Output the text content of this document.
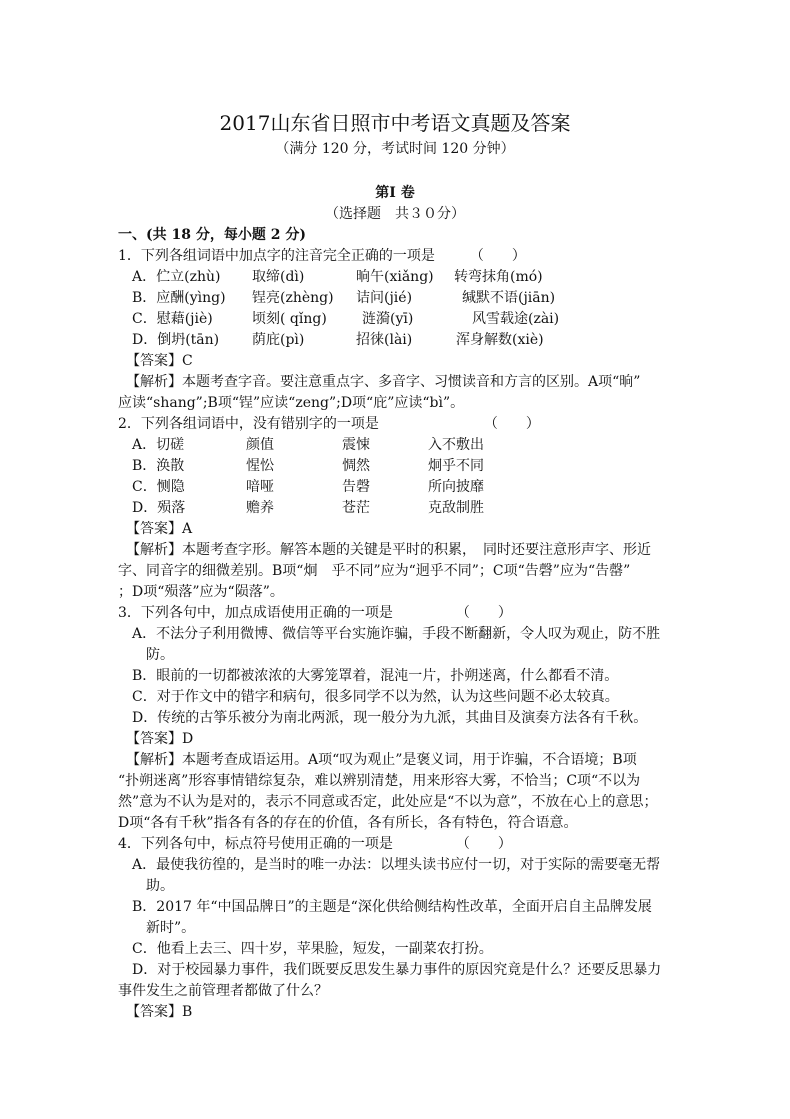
2017山东省日照市中考语文真题及答案
（满分 120 分，考试时间 120 分钟）
第Ⅰ 卷
（选择题　共３０分）
一、(共 18 分，每小题 2 分)
1．下列各组词语中加点字的注音完全正确的一项是　　　（　　）
A．伫立(zhù) 取缔(dì)	晌午(xiǎng) 转弯抹角(mó)
B．应酬(yìng) 锃亮(zhèng) 诘问(jié)	缄默不语(jiān)
C．慰藉(jiè)	顷刻( qǐng)	涟漪(yī)	风雪载途(zài)
D．倒坍(tān) 荫庇(pì)	招徕(lài)	浑身解数(xiè)
【答案】C
【解析】本题考查字音。要注意重点字、多音字、习惯读音和方言的区别。A项“晌”
应读“shang”;B项“锃”应读“zeng”;D项“庇”应读“bì”。
2．下列各组词语中，没有错别字的一项是　　　　　　　　（　　）
A．切磋	颜值	震悚	入不敷出
B．涣散	惺忪	惆然	炯乎不同
C．恻隐	喑哑	告磬	所向披靡
D．殒落	赡养	苍茫	克敌制胜
【答案】A
【解析】本题考查字形。解答本题的关键是平时的积累，　同时还要注意形声字、形近
字、同音字的细微差别。B项“炯　乎不同”应为“迥乎不同”；C项“告磬”应为“告罄”
；D项“殒落”应为“陨落”。
3．下列各句中，加点成语使用正确的一项是　　　　　（　　）
A．不法分子利用微博、微信等平台实施诈骗，手段不断翻新，令人叹为观止，防不胜
防。
B．眼前的一切都被浓浓的大雾笼罩着，混沌一片，扑朔迷离，什么都看不清。
C．对于作文中的错字和病句，很多同学不以为然，认为这些问题不必太较真。
D．传统的古筝乐被分为南北两派，现一般分为九派，其曲目及演奏方法各有千秋。
【答案】D
【解析】本题考查成语运用。A项“叹为观止”是褒义词，用于诈骗，不合语境；B项
“扑朔迷离”形容事情错综复杂，难以辨别清楚，用来形容大雾，不恰当；C项“不以为
然”意为不认为是对的，表示不同意或否定，此处应是“不以为意”，不放在心上的意思；
D项“各有千秋”指各有各的存在的价值，各有所长，各有特色，符合语意。
4．下列各句中，标点符号使用正确的一项是　　　　　（　　）
A．最使我彷徨的，是当时的唯一办法：以埋头读书应付一切，对于实际的需要毫无帮
助。
B．2017 年“中国品牌日”的主题是“深化供给侧结构性改革，全面开启自主品牌发展
新时”。
C．他看上去三、四十岁，苹果脸，短发，一副菜农打扮。
D．对于校园暴力事件，我们既要反思发生暴力事件的原因究竟是什么？还要反思暴力
事件发生之前管理者都做了什么？
【答案】B
